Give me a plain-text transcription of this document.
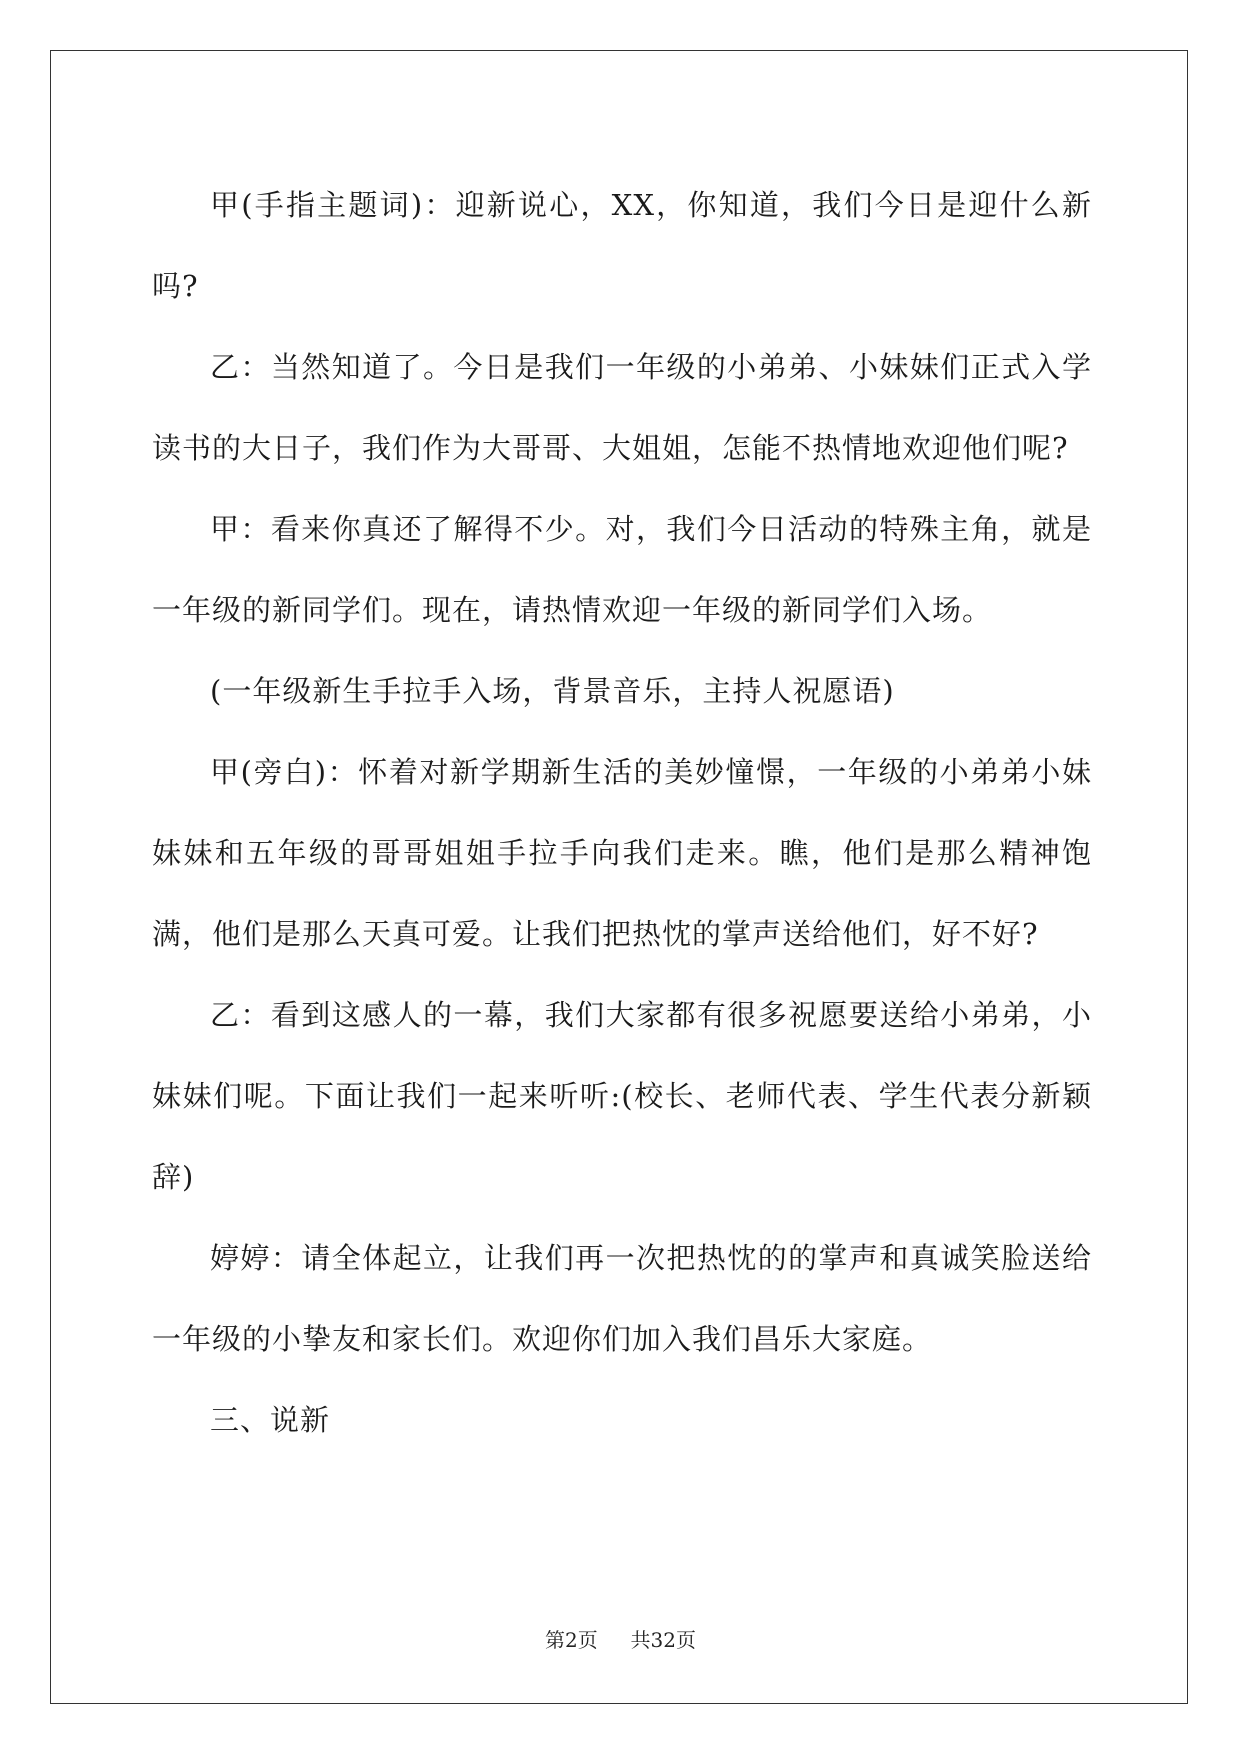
甲(手指主题词)：迎新说心，XX，你知道，我们今日是迎什么新吗?

乙：当然知道了。今日是我们一年级的小弟弟、小妹妹们正式入学读书的大日子，我们作为大哥哥、大姐姐，怎能不热情地欢迎他们呢?

甲：看来你真还了解得不少。对，我们今日活动的特殊主角，就是一年级的新同学们。现在，请热情欢迎一年级的新同学们入场。

(一年级新生手拉手入场，背景音乐，主持人祝愿语)

甲(旁白)：怀着对新学期新生活的美妙憧憬，一年级的小弟弟小妹妹妹和五年级的哥哥姐姐手拉手向我们走来。瞧，他们是那么精神饱满，他们是那么天真可爱。让我们把热忱的掌声送给他们，好不好?

乙：看到这感人的一幕，我们大家都有很多祝愿要送给小弟弟，小妹妹们呢。下面让我们一起来听听:(校长、老师代表、学生代表分新颖辞)

婷婷：请全体起立，让我们再一次把热忱的的掌声和真诚笑脸送给一年级的小挚友和家长们。欢迎你们加入我们昌乐大家庭。

三、说新

第2页 共32页
